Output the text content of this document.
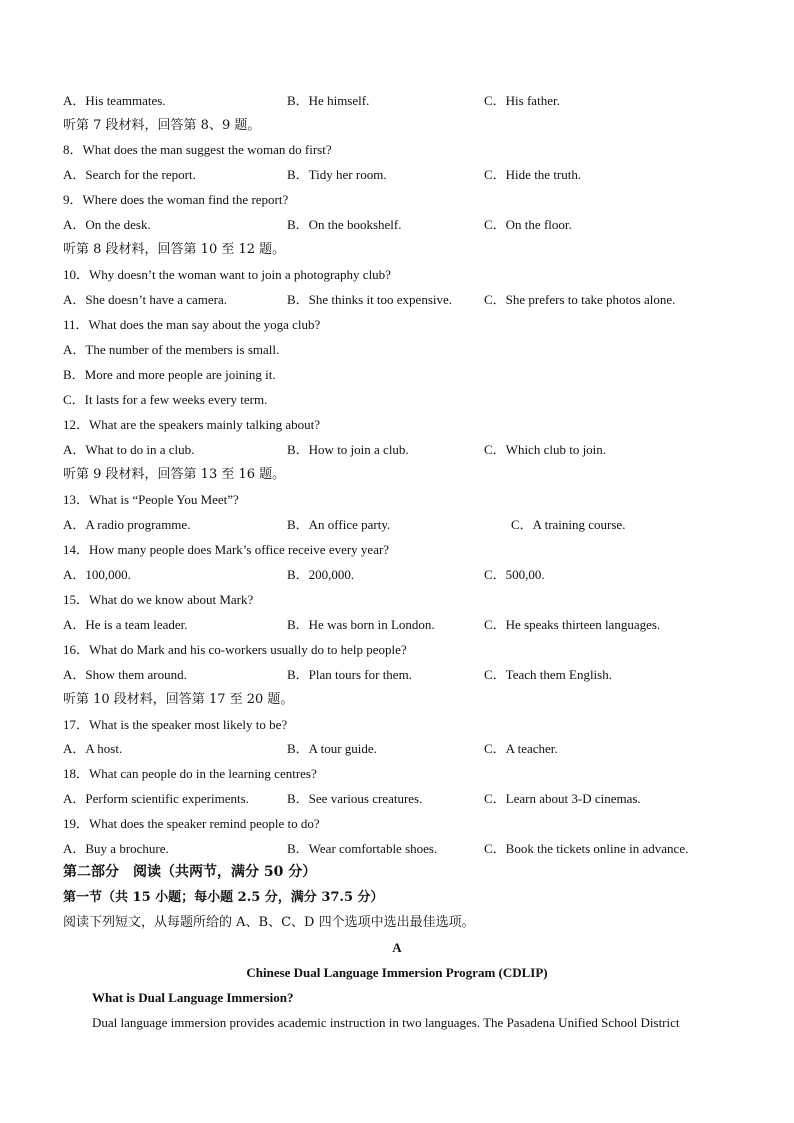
A．His teammates.	B．He himself.	C．His father.
听第 7 段材料，回答第 8、9 题。
8．What does the man suggest the woman do first?
A．Search for the report.	B．Tidy her room.	C．Hide the truth.
9．Where does the woman find the report?
A．On the desk.	B．On the bookshelf.	C．On the floor.
听第 8 段材料，回答第 10 至 12 题。
10．Why doesn’t the woman want to join a photography club?
A．She doesn’t have a camera.	B．She thinks it too expensive. C．She prefers to take photos alone.
11．What does the man say about the yoga club?
A．The number of the members is small.
B．More and more people are joining it.
C．It lasts for a few weeks every term.
12．What are the speakers mainly talking about?
A．What to do in a club.	B．How to join a club.	C．Which club to join.
听第 9 段材料，回答第 13 至 16 题。
13．What is “People You Meet”?
A．A radio programme.	B．An office party.	C．A training course.
14．How many people does Mark’s office receive every year?
A．100,000.	B．200,000.	C．500,00.
15．What do we know about Mark?
A．He is a team leader.	B．He was born in London.	C．He speaks thirteen languages.
16．What do Mark and his co-workers usually do to help people?
A．Show them around.	B．Plan tours for them.	C．Teach them English.
听第 10 段材料，回答第 17 至 20 题。
17．What is the speaker most likely to be?
A．A host.	B．A tour guide.	C．A teacher.
18．What can people do in the learning centres?
A．Perform scientific experiments.	B．See various creatures.	C．Learn about 3-D cinemas.
19．What does the speaker remind people to do?
A．Buy a brochure.	B．Wear comfortable shoes.	C．Book the tickets online in advance.
第二部分　阅读（共两节，满分 50 分）
第一节（共 15 小题；每小题 2.5 分，满分 37.5 分）
阅读下列短文，从每题所给的 A、B、C、D 四个选项中选出最佳选项。
A
Chinese Dual Language Immersion Program (CDLIP)
What is Dual Language Immersion?
Dual language immersion provides academic instruction in two languages. The Pasadena Unified School District
